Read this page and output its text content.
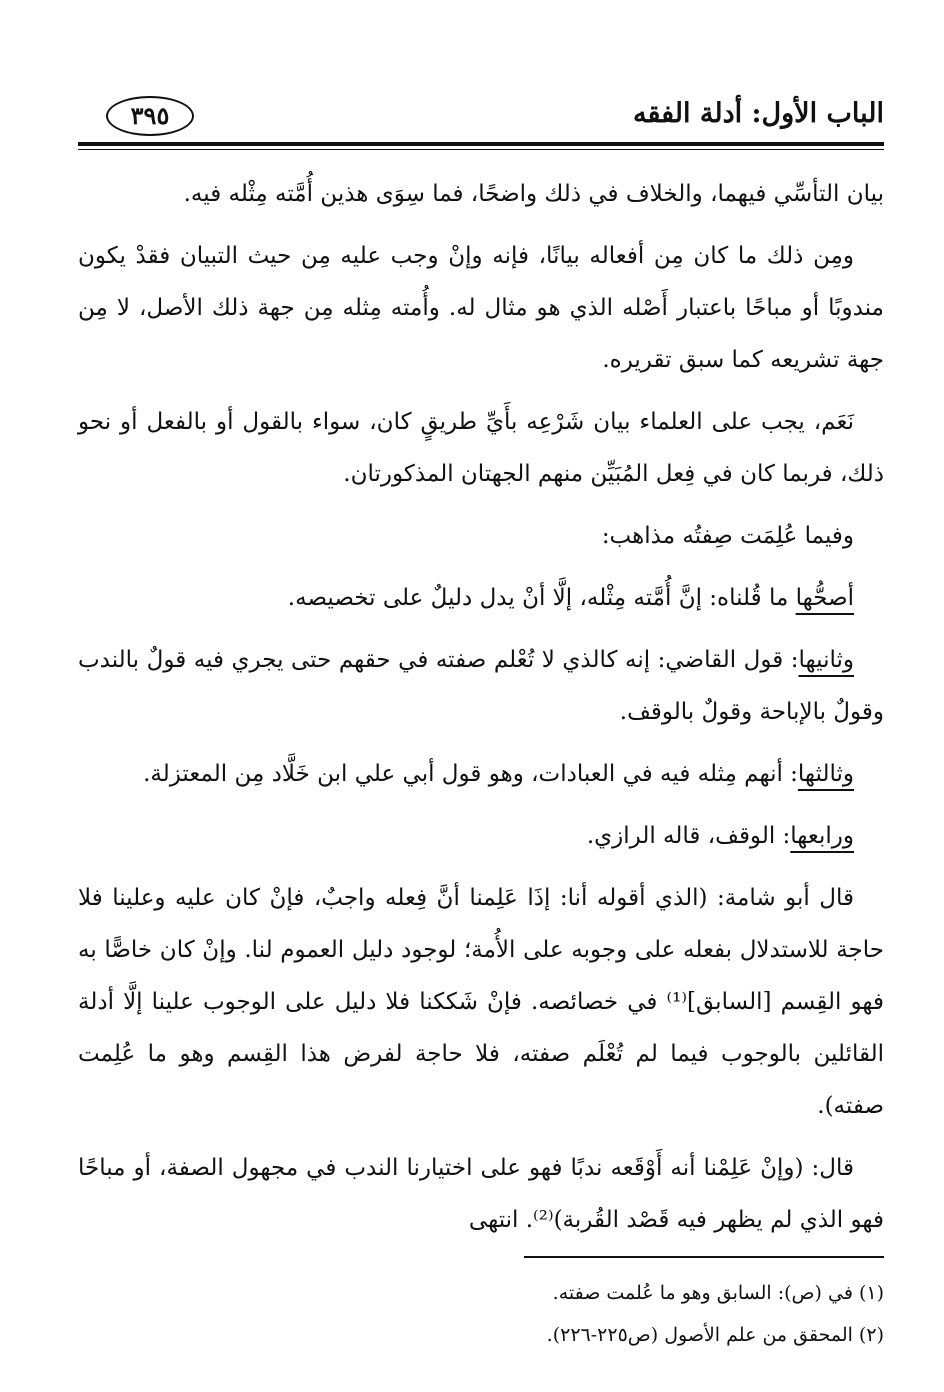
الباب الأول: أدلة الفقه
٣٩٥

بيان التأسِّي فيهما، والخلاف في ذلك واضحًا، فما سِوَى هذين أُمَّته مِثْله فيه.

ومِن ذلك ما كان مِن أفعاله بيانًا، فإنه وإنْ وجب عليه مِن حيث التبيان فقدْ يكون مندوبًا أو مباحًا باعتبار أَصْله الذي هو مثال له. وأُمته مِثله مِن جهة ذلك الأصل، لا مِن جهة تشريعه كما سبق تقريره.

نَعَم، يجب على العلماء بيان شَرْعِه بأَيِّ طريقٍ كان، سواء بالقول أو بالفعل أو نحو ذلك، فربما كان في فِعل المُبَيِّن منهم الجهتان المذكورتان.

وفيما عُلِمَت صِفتُه مذاهب:

أصحُّها ما قُلناه: إنَّ أُمَّته مِثْله، إلَّا أنْ يدل دليلٌ على تخصيصه.

وثانيها: قول القاضي: إنه كالذي لا تُعْلم صفته في حقهم حتى يجري فيه قولٌ بالندب وقولٌ بالإباحة وقولٌ بالوقف.

وثالثها: أنهم مِثله فيه في العبادات، وهو قول أبي علي ابن خَلَّاد مِن المعتزلة.

ورابعها: الوقف، قاله الرازي.

قال أبو شامة: (الذي أقوله أنا: إذَا عَلِمنا أنَّ فِعله واجبٌ، فإنْ كان عليه وعلينا فلا حاجة للاستدلال بفعله على وجوبه على الأُمة؛ لوجود دليل العموم لنا. وإنْ كان خاصًّا به فهو القِسم [السابق]⁽¹⁾ في خصائصه. فإنْ شَككنا فلا دليل على الوجوب علينا إلَّا أدلة القائلين بالوجوب فيما لم تُعْلَم صفته، فلا حاجة لفرض هذا القِسم وهو ما عُلِمت صفته).

قال: (وإنْ عَلِمْنا أنه أَوْقَعه ندبًا فهو على اختيارنا الندب في مجهول الصفة، أو مباحًا فهو الذي لم يظهر فيه قَصْد القُربة)⁽²⁾. انتهى

(١) في (ص): السابق وهو ما عُلمت صفته.

(٢) المحقق من علم الأصول (ص٢٢٥-٢٢٦).
